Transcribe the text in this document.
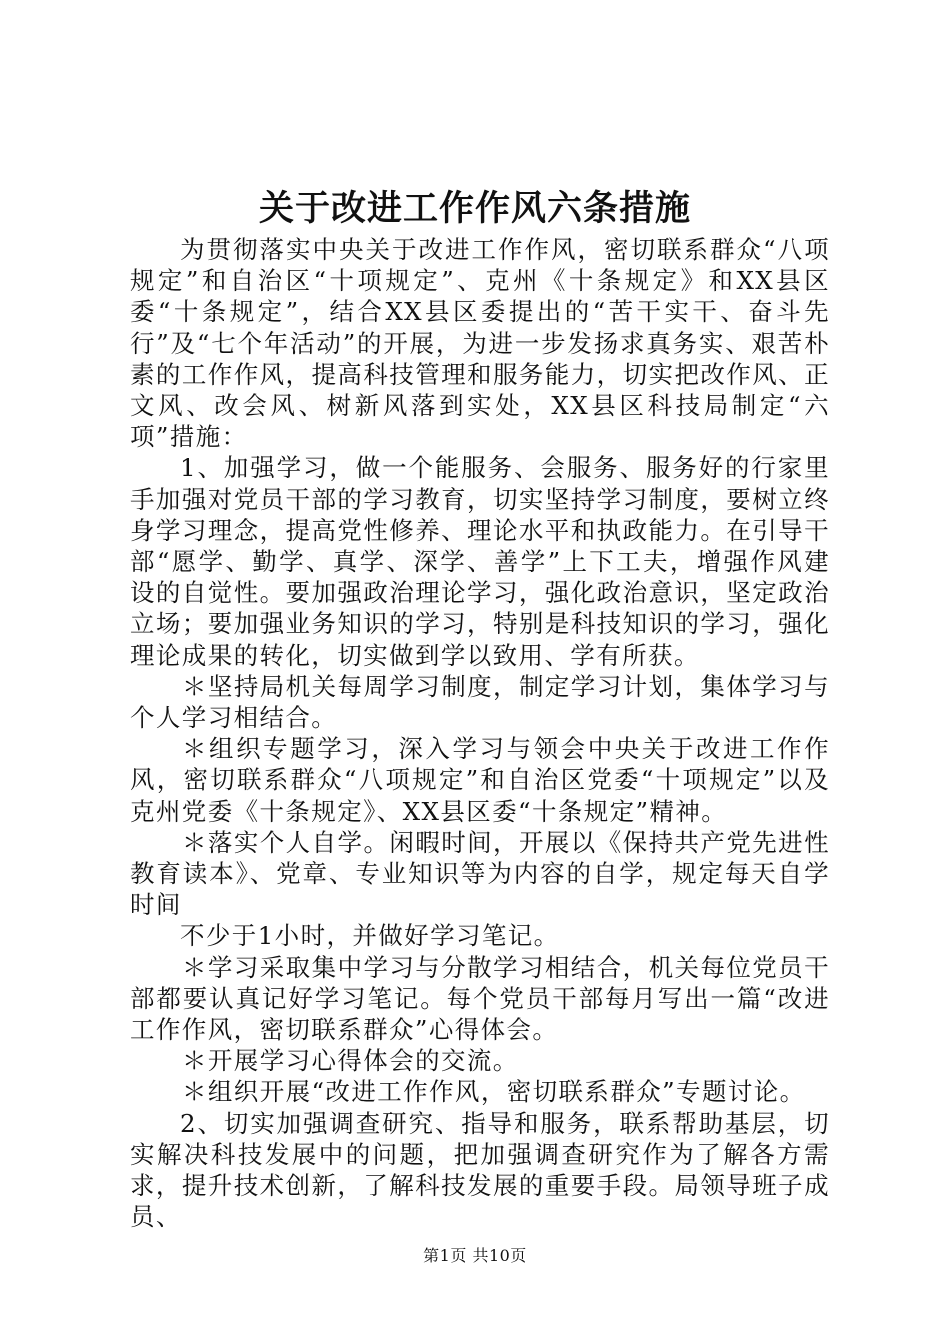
关于改进工作作风六条措施

为贯彻落实中央关于改进工作作风，密切联系群众“八项规定”和自治区“十项规定”、克州《十条规定》和XX县区委“十条规定”，结合XX县区委提出的“苦干实干、奋斗先行”及“七个年活动”的开展，为进一步发扬求真务实、艰苦朴素的工作作风，提高科技管理和服务能力，切实把改作风、正文风、改会风、树新风落到实处，XX县区科技局制定“六项”措施：

1、加强学习，做一个能服务、会服务、服务好的行家里手加强对党员干部的学习教育，切实坚持学习制度，要树立终身学习理念，提高党性修养、理论水平和执政能力。在引导干部“愿学、勤学、真学、深学、善学”上下工夫，增强作风建设的自觉性。要加强政治理论学习，强化政治意识，坚定政治立场；要加强业务知识的学习，特别是科技知识的学习，强化理论成果的转化，切实做到学以致用、学有所获。

＊坚持局机关每周学习制度，制定学习计划，集体学习与个人学习相结合。

＊组织专题学习，深入学习与领会中央关于改进工作作风，密切联系群众“八项规定”和自治区党委“十项规定”以及克州党委《十条规定》、XX县区委“十条规定”精神。

＊落实个人自学。闲暇时间，开展以《保持共产党先进性教育读本》、党章、专业知识等为内容的自学，规定每天自学时间

不少于1小时，并做好学习笔记。

＊学习采取集中学习与分散学习相结合，机关每位党员干部都要认真记好学习笔记。每个党员干部每月写出一篇“改进工作作风，密切联系群众”心得体会。

＊开展学习心得体会的交流。

＊组织开展“改进工作作风，密切联系群众”专题讨论。

2、切实加强调查研究、指导和服务，联系帮助基层，切实解决科技发展中的问题，把加强调查研究作为了解各方需求，提升技术创新，了解科技发展的重要手段。局领导班子成员、

第1页 共10页
